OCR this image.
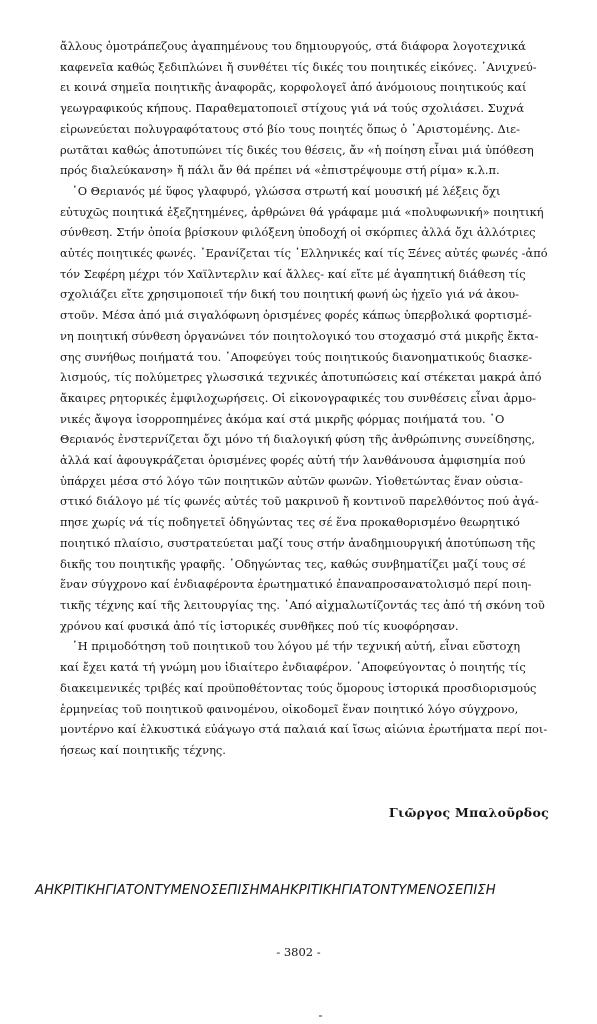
ἄλλους ὁμοτράπεζους ἀγαπημένους του δημιουργούς, στά διάφορα λογοτεχνικά
καφενεῖα καθώς ξεδιπλώνει ἤ συνθέτει τίς δικές του ποιητικές εἰκόνες. ᾿Ανιχνεύ-
ει κοινά σημεῖα ποιητικῆς ἀναφορᾶς, κορφολογεῖ ἀπό ἀνόμοιους ποιητικούς καί
γεωγραφικούς κήπους. Παραθεματοποιεῖ στίχους γιά νά τούς σχολιάσει. Συχνά
εἰρωνεύεται πολυγραφότατους στό βίο τους ποιητές ὅπως ὁ ᾿Αριστομένης. Διε-
ρωτᾶται καθώς ἀποτυπώνει τίς δικές του θέσεις, ἄν «ἡ ποίηση εἶναι μιά ὑπόθεση
πρός διαλεύκανση» ἤ πάλι ἄν θά πρέπει νά «ἐπιστρέψουμε στή ρίμα» κ.λ.π.

῾Ο Θεριανός μέ ὕφος γλαφυρό, γλώσσα στρωτή καί μουσική μέ λέξεις ὄχι
εὐτυχῶς ποιητικά ἐξεζητημένες, ἀρθρώνει θά γράφαμε μιά «πολυφωνική» ποιητική
σύνθεση. Στήν ὁποία βρίσκουν φιλόξενη ὑποδοχή οἱ σκόρπιες ἀλλά ὄχι ἀλλότριες
αὐτές ποιητικές φωνές. ᾿Ερανίζεται τίς ῾Ελληνικές καί τίς Ξένες αὐτές φωνές -ἀπό
τόν Σεφέρη μέχρι τόν Χαϊλντερλιν καί ἄλλες- καί εἴτε μέ ἀγαπητική διάθεση τίς
σχολιάζει εἴτε χρησιμοποιεῖ τήν δική του ποιητική φωνή ὡς ἠχεῖο γιά νά ἀκου-
στοῦν. Μέσα ἀπό μιά σιγαλόφωνη ὁρισμένες φορές κάπως ὑπερβολικά φορτισμέ-
νη ποιητική σύνθεση ὀργανώνει τόν ποιητολογικό του στοχασμό στά μικρῆς ἔκτα-
σης συνήθως ποιήματά του. ᾿Αποφεύγει τούς ποιητικούς διανοηματικούς διασκε-
λισμούς, τίς πολύμετρες γλωσσικά τεχνικές ἀποτυπώσεις καί στέκεται μακρά ἀπό
ἄκαιρες ρητορικές ἐμφιλοχωρήσεις. Οἱ εἰκονογραφικές του συνθέσεις εἶναι ἁρμο-
νικές ἄψογα ἰσορροπημένες ἀκόμα καί στά μικρῆς φόρμας ποιήματά του. ῾Ο
Θεριανός ἐνστερνίζεται ὄχι μόνο τή διαλογική φύση τῆς ἀνθρώπινης συνείδησης,
ἀλλά καί ἀφουγκράζεται ὁρισμένες φορές αὐτή τήν λανθάνουσα ἀμφισημία πού
ὑπάρχει μέσα στό λόγο τῶν ποιητικῶν αὐτῶν φωνῶν. Υἱοθετώντας ἕναν οὐσια-
στικό διάλογο μέ τίς φωνές αὐτές τοῦ μακρινοῦ ἤ κοντινοῦ παρελθόντος πού ἀγά-
πησε χωρίς νά τίς ποδηγετεῖ ὁδηγώντας τες σέ ἕνα προκαθορισμένο θεωρητικό
ποιητικό πλαίσιο, συστρατεύεται μαζί τους στήν ἀναδημιουργική ἀποτύπωση τῆς
δικῆς του ποιητικῆς γραφῆς. ᾿Οδηγώντας τες, καθώς συνβηματίζει μαζί τους σέ
ἕναν σύγχρονο καί ἐνδιαφέροντα ἐρωτηματικό ἐπαναπροσανατολισμό περί ποιη-
τικῆς τέχνης καί τῆς λειτουργίας της. ᾿Από αἰχμαλωτίζοντάς τες ἀπό τή σκόνη τοῦ
χρόνου καί φυσικά ἀπό τίς ἱστορικές συνθῆκες πού τίς κυοφόρησαν.

῾Η πριμοδότηση τοῦ ποιητικοῦ του λόγου μέ τήν τεχνική αὐτή, εἶναι εὔστοχη
καί ἔχει κατά τή γνώμη μου ἰδιαίτερο ἐνδιαφέρον. ᾿Αποφεύγοντας ὁ ποιητής τίς
διακειμενικές τριβές καί προϋποθέτοντας τούς ὅμορους ἱστορικά προσδιορισμούς
ἑρμηνείας τοῦ ποιητικοῦ φαινομένου, οἰκοδομεῖ ἕναν ποιητικό λόγο σύγχρονο,
μοντέρνο καί ἑλκυστικά εὐάγωγο στά παλαιά καί ἴσως αἰώνια ἐρωτήματα περί ποι-
ήσεως καί ποιητικῆς τέχνης.

Γιῶργος Μπαλοῦρδος
ΑΗΚΡΙΤΙΚΗΓΙΑΤΟΝΤΥΜΕΝΟΣΕΠΙΣΗΜΑΗΚΡΙΤΙΚΗΓΙΑΤΟΝΤΥΜΕΝΟΣΕΠΙΣΗ
- 3802 -
